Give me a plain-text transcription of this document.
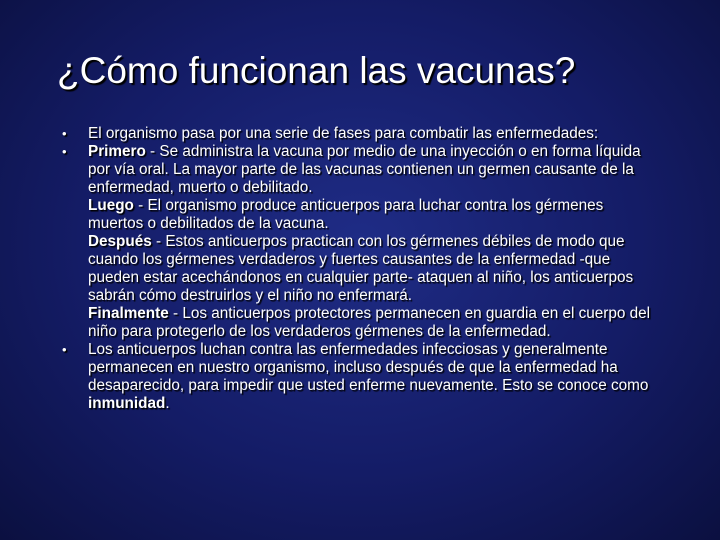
¿Cómo funcionan las vacunas?
• El organismo pasa por una serie de fases para combatir las enfermedades:
• Primero - Se administra la vacuna por medio de una inyección o en forma líquida por vía oral. La mayor parte de las vacunas contienen un germen causante de la enfermedad, muerto o debilitado.
Luego - El organismo produce anticuerpos para luchar contra los gérmenes muertos o debilitados de la vacuna.
Después - Estos anticuerpos practican con los gérmenes débiles de modo que cuando los gérmenes verdaderos y fuertes causantes de la enfermedad -que pueden estar acechándonos en cualquier parte- ataquen al niño, los anticuerpos sabrán cómo destruirlos y el niño no enfermará.
Finalmente - Los anticuerpos protectores permanecen en guardia en el cuerpo del niño para protegerlo de los verdaderos gérmenes de la enfermedad.
• Los anticuerpos luchan contra las enfermedades infecciosas y generalmente permanecen en nuestro organismo, incluso después de que la enfermedad ha desaparecido, para impedir que usted enferme nuevamente. Esto se conoce como inmunidad.
